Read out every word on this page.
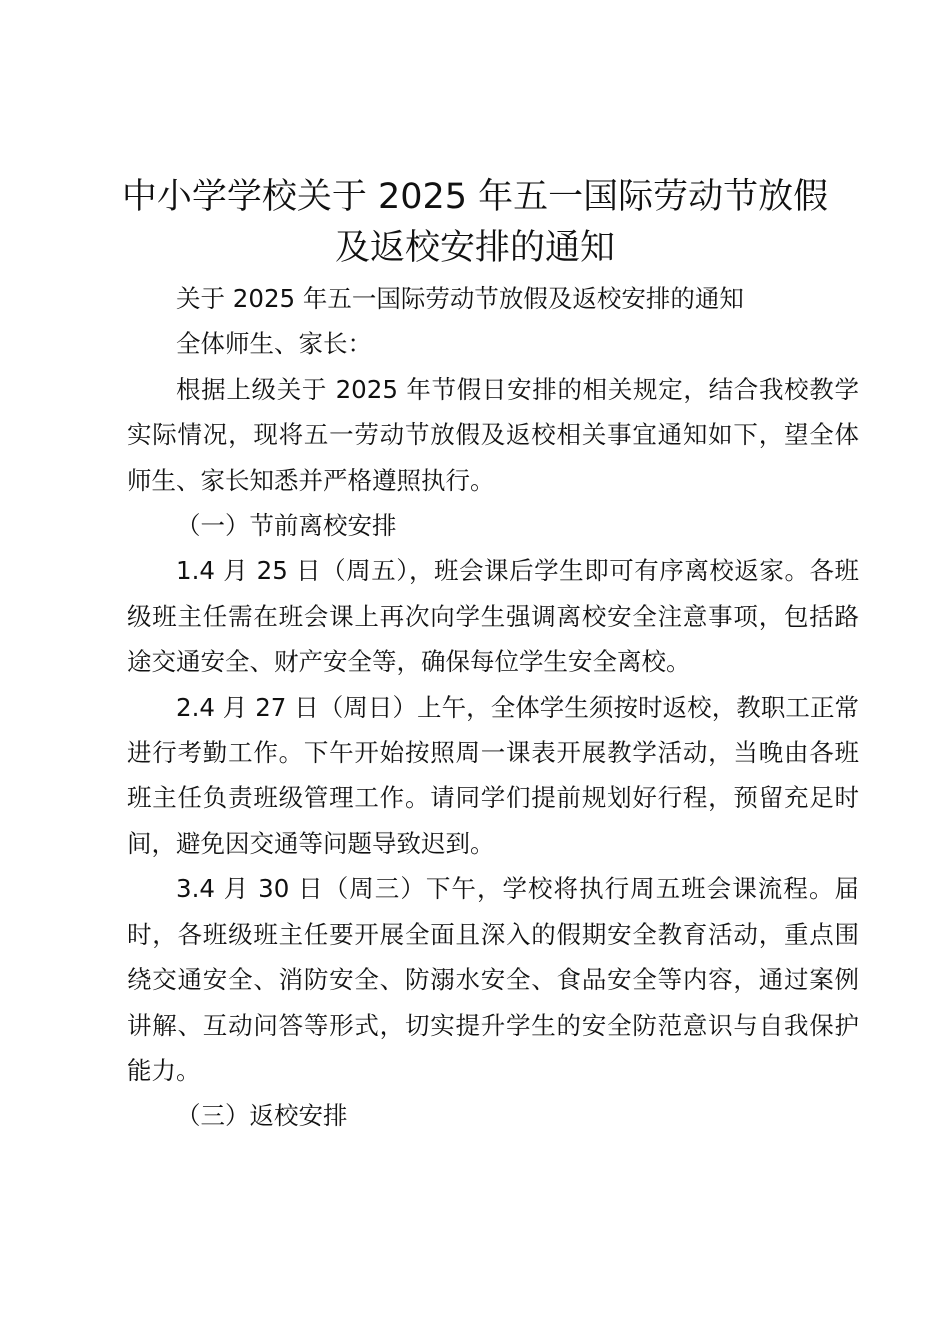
中小学学校关于 2025 年五一国际劳动节放假及返校安排的通知

关于 2025 年五一国际劳动节放假及返校安排的通知

全体师生、家长：

根据上级关于 2025 年节假日安排的相关规定，结合我校教学实际情况，现将五一劳动节放假及返校相关事宜通知如下，望全体师生、家长知悉并严格遵照执行。

（一）节前离校安排

1.4 月 25 日（周五），班会课后学生即可有序离校返家。各班级班主任需在班会课上再次向学生强调离校安全注意事项，包括路途交通安全、财产安全等，确保每位学生安全离校。

2.4 月 27 日（周日）上午，全体学生须按时返校，教职工正常进行考勤工作。下午开始按照周一课表开展教学活动，当晚由各班班主任负责班级管理工作。请同学们提前规划好行程，预留充足时间，避免因交通等问题导致迟到。

3.4 月 30 日（周三）下午，学校将执行周五班会课流程。届时，各班级班主任要开展全面且深入的假期安全教育活动，重点围绕交通安全、消防安全、防溺水安全、食品安全等内容，通过案例讲解、互动问答等形式，切实提升学生的安全防范意识与自我保护能力。

（三）返校安排
